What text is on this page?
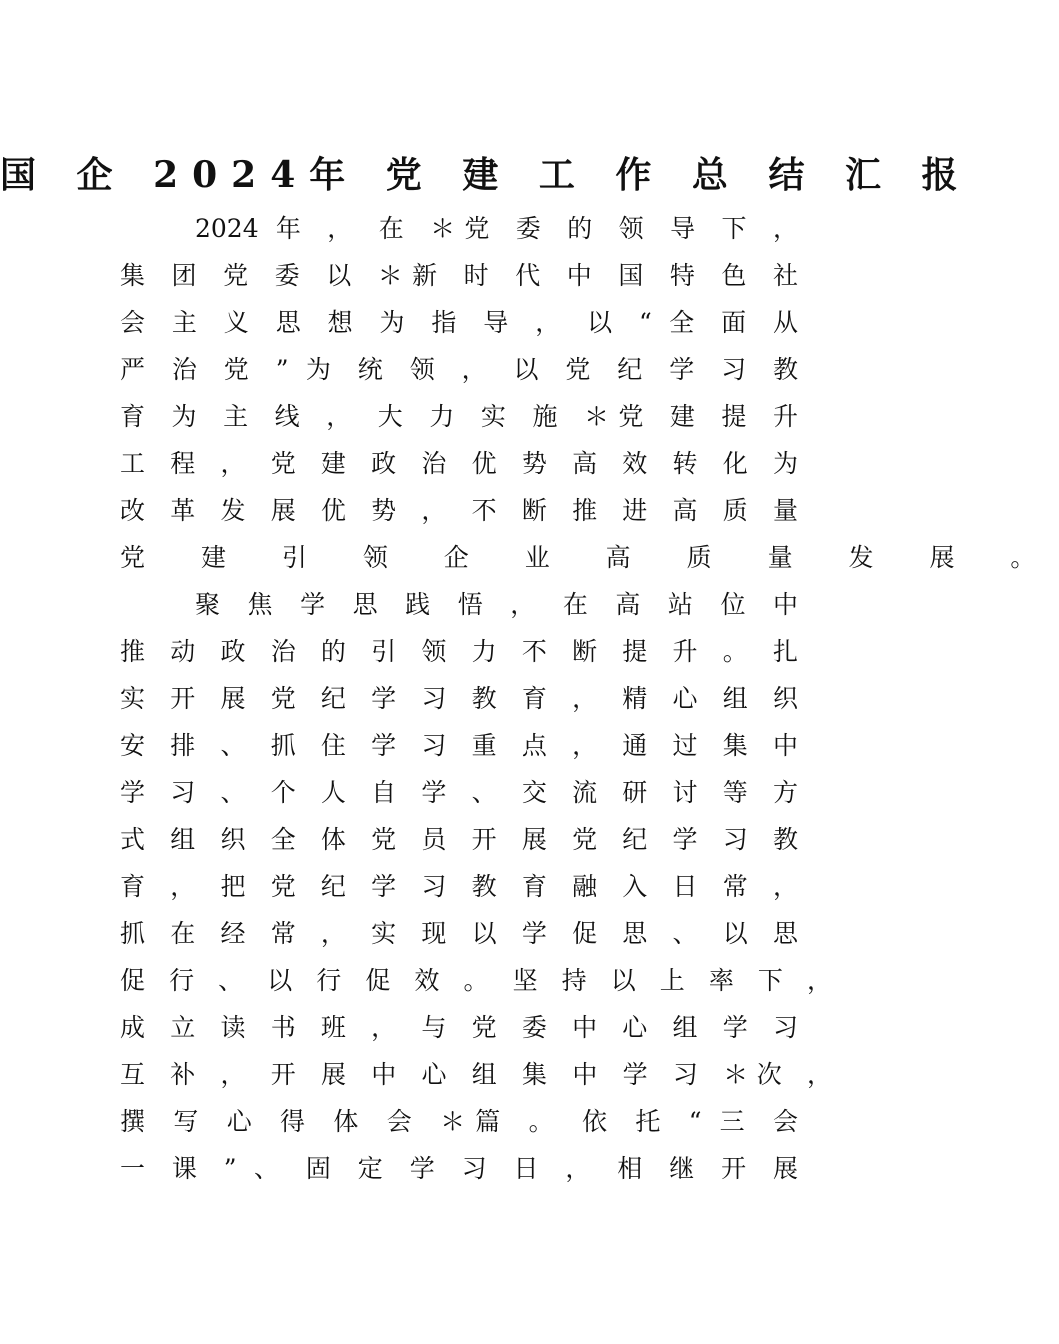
国 企 2024年 党 建 工 作 总 结 汇 报
2024 年 ， 在 ＊党 委 的 领 导 下 ，
集 团 党 委 以 ＊新 时 代 中 国 特 色 社
会 主 义 思 想 为 指 导 ， 以 “ 全 面 从
严 治 党 ” 为 统 领 ， 以 党 纪 学 习 教
育 为 主 线 ， 大 力 实 施 ＊党 建 提 升
工 程 ， 党 建 政 治 优 势 高 效 转 化 为
改 革 发 展 优 势 ， 不 断 推 进 高 质 量
党 建 引 领 企 业 高 质 量 发 展 。
聚 焦 学 思 践 悟 ， 在 高 站 位 中
推 动 政 治 的 引 领 力 不 断 提 升 。 扎
实 开 展 党 纪 学 习 教 育 ， 精 心 组 织
安 排 、 抓 住 学 习 重 点 ， 通 过 集 中
学 习 、 个 人 自 学 、 交 流 研 讨 等 方
式 组 织 全 体 党 员 开 展 党 纪 学 习 教
育 ， 把 党 纪 学 习 教 育 融 入 日 常 ，
抓 在 经 常 ， 实 现 以 学 促 思 、 以 思
促 行 、 以 行 促 效 。 坚 持 以 上 率 下 ，
成 立 读 书 班 ， 与 党 委 中 心 组 学 习
互 补 ， 开 展 中 心 组 集 中 学 习 ＊次 ，
撰 写 心 得 体 会 ＊篇 。 依 托 “ 三 会
一 课 ” 、 固 定 学 习 日 ， 相 继 开 展
